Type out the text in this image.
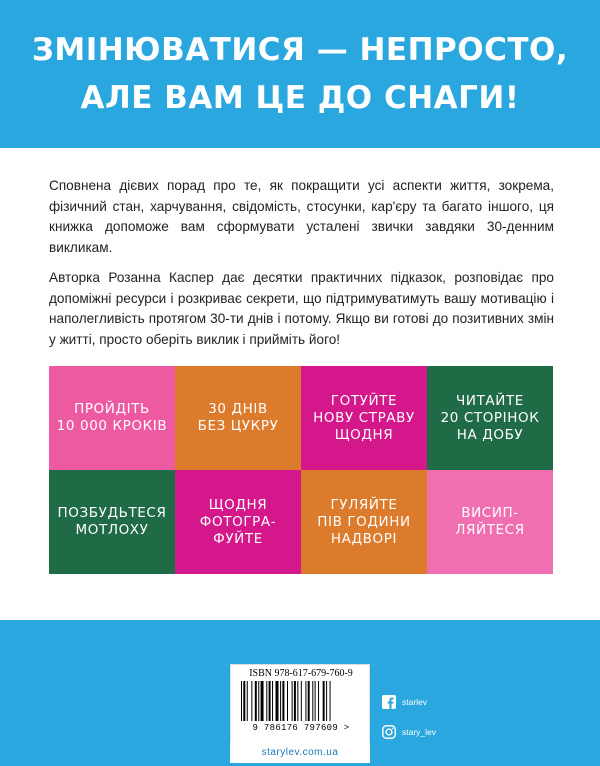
ЗМІНЮВАТИСЯ — НЕПРОСТО,
АЛЕ ВАМ ЦЕ ДО СНАГИ!

Сповнена дієвих порад про те, як покращити усі аспекти життя, зокрема, фізичний стан, харчування, свідомість, стосунки, кар'єру та багато іншого, ця книжка допоможе вам сформувати усталені звички завдяки 30-денним викликам.

Авторка Розанна Каспер дає десятки практичних підказок, розповідає про допоміжні ресурси і розкриває секрети, що підтримуватимуть вашу мотивацію і наполегливість протягом 30-ти днів і потому. Якщо ви готові до позитивних змін у житті, просто оберіть виклик і прийміть його!

ПРОЙДІТЬ
10 000 КРОКІВ
30 ДНІВ
БЕЗ ЦУКРУ
ГОТУЙТЕ
НОВУ СТРАВУ
ЩОДНЯ
ЧИТАЙТЕ
20 СТОРІНОК
НА ДОБУ
ПОЗБУДЬТЕСЯ
МОТЛОХУ
ЩОДНЯ
ФОТОГРА-
ФУЙТЕ
ГУЛЯЙТЕ
ПІВ ГОДИНИ
НАДВОРІ
ВИСИП-
ЛЯЙТЕСЯ
ISBN 978-617-679-760-9
9 786176 797609 >
starylev.com.ua
starlev
stary_lev
